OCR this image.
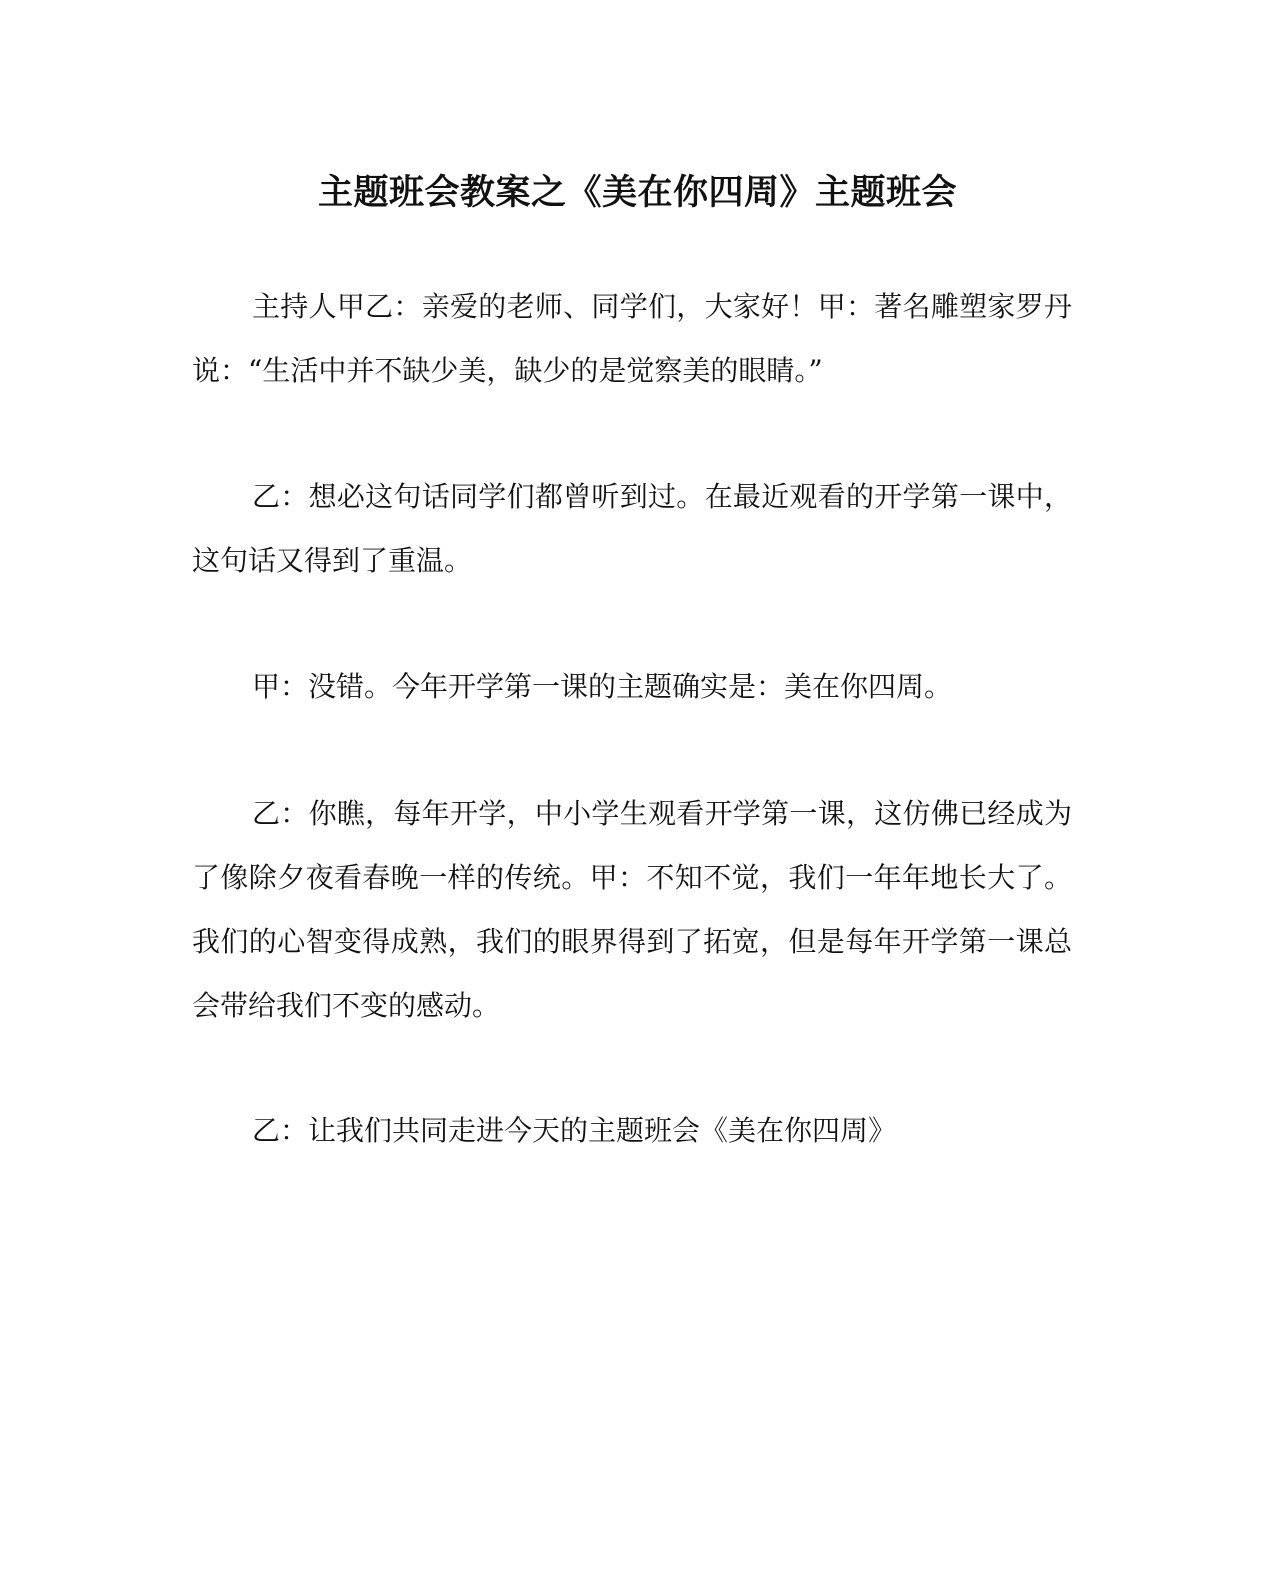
主题班会教案之《美在你四周》主题班会

主持人甲乙：亲爱的老师、同学们，大家好！甲：著名雕塑家罗丹说：“生活中并不缺少美，缺少的是觉察美的眼睛。”

乙：想必这句话同学们都曾听到过。在最近观看的开学第一课中，这句话又得到了重温。

甲：没错。今年开学第一课的主题确实是：美在你四周。

乙：你瞧，每年开学，中小学生观看开学第一课，这仿佛已经成为了像除夕夜看春晚一样的传统。甲：不知不觉，我们一年年地长大了。我们的心智变得成熟，我们的眼界得到了拓宽，但是每年开学第一课总会带给我们不变的感动。

乙：让我们共同走进今天的主题班会《美在你四周》
